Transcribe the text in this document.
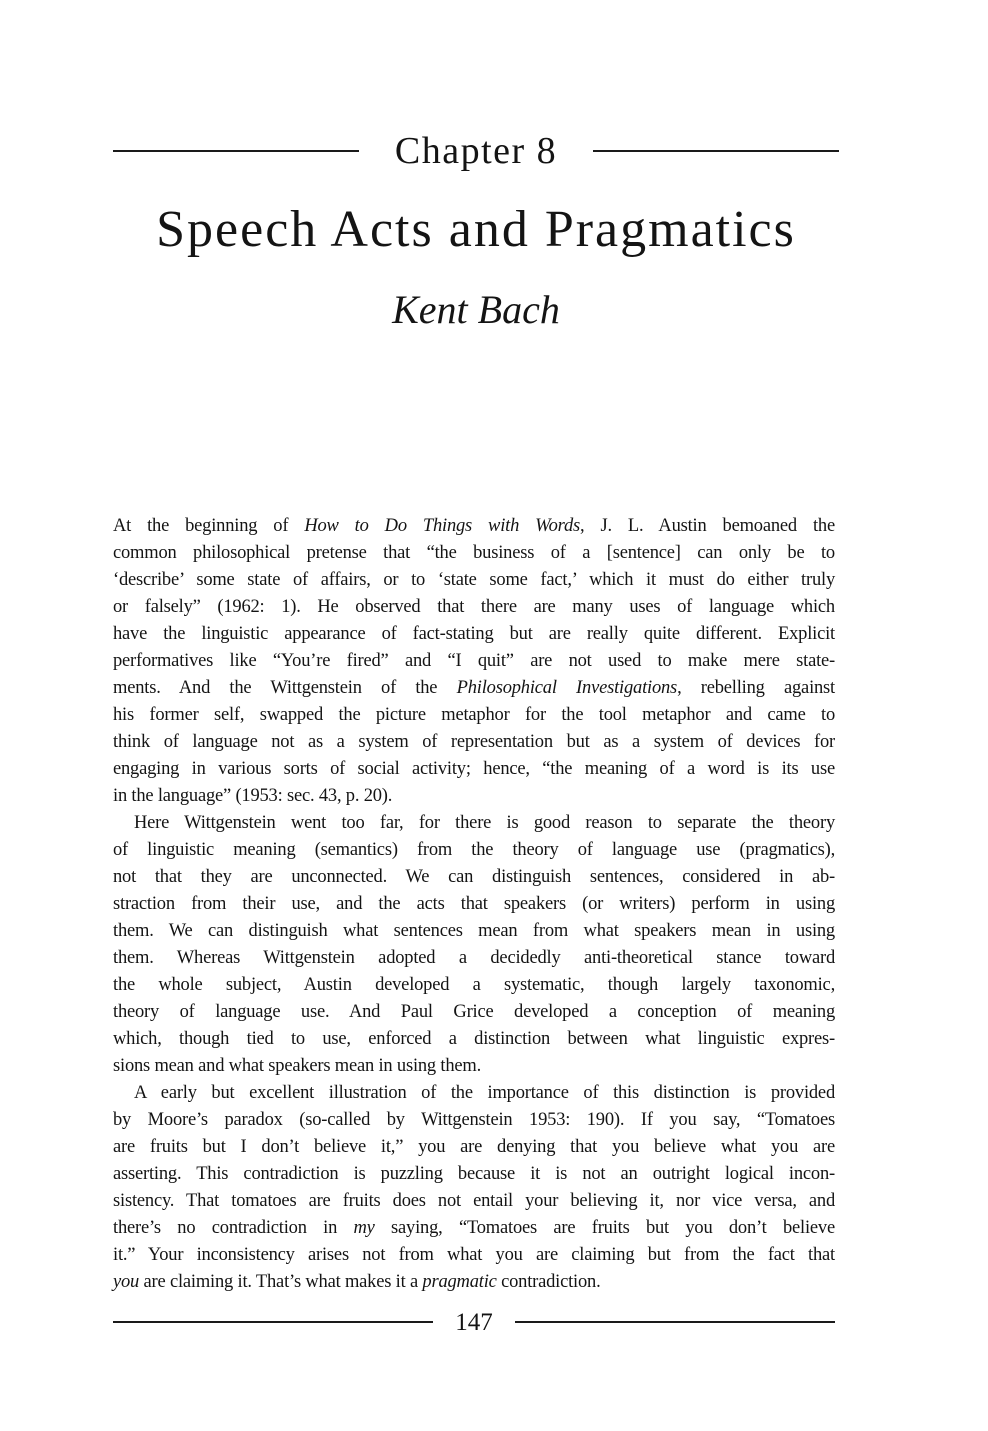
Chapter 8
Speech Acts and Pragmatics
Kent Bach
At the beginning of How to Do Things with Words, J. L. Austin bemoaned the
common philosophical pretense that “the business of a [sentence] can only be to
‘describe’ some state of affairs, or to ‘state some fact,’ which it must do either truly
or falsely” (1962: 1). He observed that there are many uses of language which
have the linguistic appearance of fact-stating but are really quite different. Explicit
performatives like “You’re fired” and “I quit” are not used to make mere state-
ments. And the Wittgenstein of the Philosophical Investigations, rebelling against
his former self, swapped the picture metaphor for the tool metaphor and came to
think of language not as a system of representation but as a system of devices for
engaging in various sorts of social activity; hence, “the meaning of a word is its use
in the language” (1953: sec. 43, p. 20).
Here Wittgenstein went too far, for there is good reason to separate the theory
of linguistic meaning (semantics) from the theory of language use (pragmatics),
not that they are unconnected. We can distinguish sentences, considered in ab-
straction from their use, and the acts that speakers (or writers) perform in using
them. We can distinguish what sentences mean from what speakers mean in using
them. Whereas Wittgenstein adopted a decidedly anti-theoretical stance toward
the whole subject, Austin developed a systematic, though largely taxonomic,
theory of language use. And Paul Grice developed a conception of meaning
which, though tied to use, enforced a distinction between what linguistic expres-
sions mean and what speakers mean in using them.
A early but excellent illustration of the importance of this distinction is provided
by Moore’s paradox (so-called by Wittgenstein 1953: 190). If you say, “Tomatoes
are fruits but I don’t believe it,” you are denying that you believe what you are
asserting. This contradiction is puzzling because it is not an outright logical incon-
sistency. That tomatoes are fruits does not entail your believing it, nor vice versa, and
there’s no contradiction in my saying, “Tomatoes are fruits but you don’t believe
it.” Your inconsistency arises not from what you are claiming but from the fact that
you are claiming it. That’s what makes it a pragmatic contradiction.
147
